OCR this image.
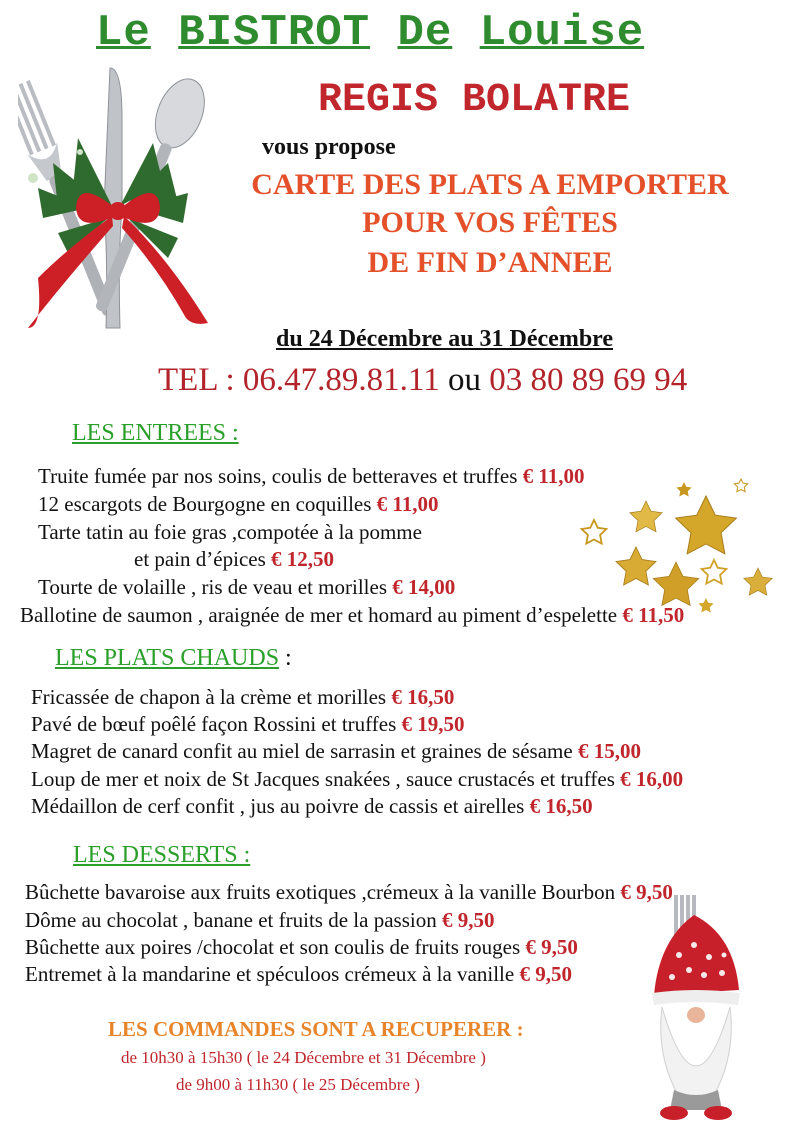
Le BISTROT De Louise
REGIS BOLATRE
vous propose
CARTE DES PLATS A EMPORTER
POUR VOS FÊTES
DE FIN D’ANNEE
du 24 Décembre au 31 Décembre
TEL : 06.47.89.81.11 ou 03 80 89 69 94
LES ENTREES :
Truite fumée par nos soins, coulis de betteraves et truffes € 11,00
12 escargots de Bourgogne en coquilles € 11,00
Tarte tatin au foie gras ,compotée à la pomme
et pain d’épices € 12,50
Tourte de volaille , ris de veau et morilles € 14,00
Ballotine de saumon , araignée de mer et homard au piment d’espelette € 11,50
LES PLATS CHAUDS :
Fricassée de chapon à la crème et morilles € 16,50
Pavé de bœuf poêlé façon Rossini et truffes € 19,50
Magret de canard confit au miel de sarrasin et graines de sésame € 15,00
Loup de mer et noix de St Jacques snakées , sauce crustacés et truffes € 16,00
Médaillon de cerf confit , jus au poivre de cassis et airelles € 16,50
LES DESSERTS :
Bûchette bavaroise aux fruits exotiques ,crémeux à la vanille Bourbon € 9,50
Dôme au chocolat , banane et fruits de la passion € 9,50
Bûchette aux poires /chocolat et son coulis de fruits rouges € 9,50
Entremet à la mandarine et spéculoos crémeux à la vanille € 9,50
LES COMMANDES SONT A RECUPERER :
de 10h30 à 15h30 ( le 24 Décembre et 31 Décembre )
de 9h00 à 11h30 ( le 25 Décembre )
